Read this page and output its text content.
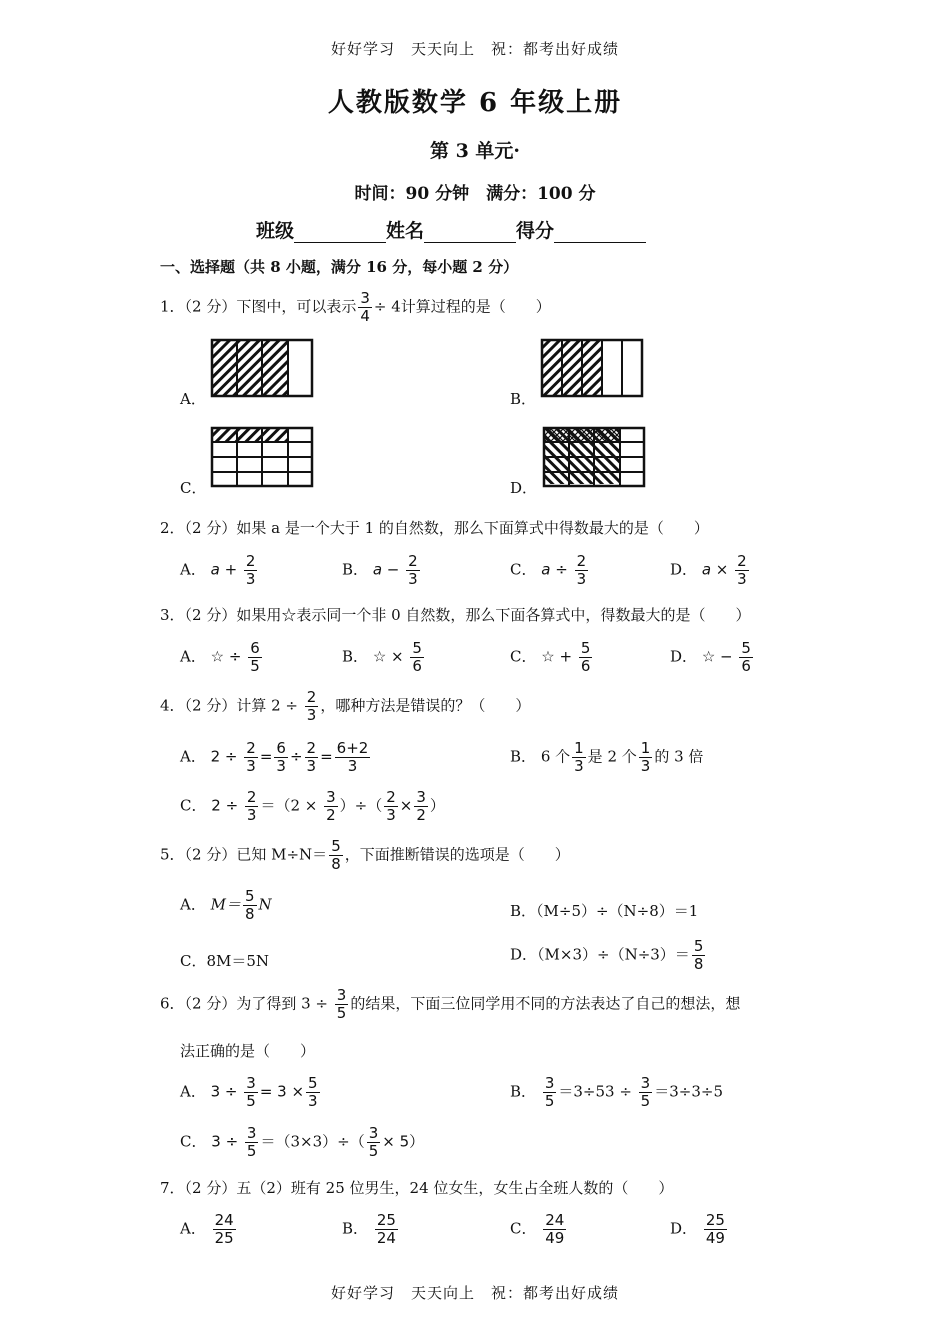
好好学习　天天向上　祝：都考出好成绩
人教版数学 6 年级上册
第 3 单元·
时间：90 分钟　满分：100 分
班级	姓名	得分
一、选择题（共 8 小题，满分 16 分，每小题 2 分）
1．（2 分）下图中，可以表示 $\frac{3}{4} \div 4$计算过程的是（　　）
A．	B．
C．	D．
2．（2 分）如果 a 是一个大于 1 的自然数，那么下面算式中得数最大的是（　　）
A． $a + \frac{2}{3}$	B． $a - \frac{2}{3}$	C． $a \div \frac{2}{3}$	D． $a \times \frac{2}{3}$
3．（2 分）如果用☆表示同一个非 0 自然数，那么下面各算式中，得数最大的是（　　）
A． ☆ ÷ $\frac{6}{5}$	B． ☆ × $\frac{5}{6}$	C． ☆ + $\frac{5}{6}$	D． ☆ − $\frac{5}{6}$
4．（2 分）计算 $2 \div \frac{2}{3}$ ，哪种方法是错误的？（　　）
A． $2 \div \frac{2}{3} = \frac{6}{3} \div \frac{2}{3} = \frac{6+2}{3}$	B． 6 个 $\frac{1}{3}$ 是 2 个 $\frac{1}{3}$ 的 3 倍
C． $2 \div \frac{2}{3} =(2 \times \frac{3}{2}$ ）÷（ $\frac{2}{3} \times \frac{3}{2}$ ）
5．（2 分）已知 $M\div N= \frac{5}{8}$ ，下面推断错误的选项是（　　）
A． $M= \frac{5}{8}$ N	B．（M÷5）÷（N÷8）＝1
C．8M＝5N	D．$(M\times 3)\div(N\div 3)= \frac{5}{8}$
6．（2 分）为了得到 $3 \div \frac{3}{5}$ 的结果，下面三位同学用不同的方法表达了自己的想法，想
法正确的是（　　）
A． $3 \div \frac{3}{5} = 3 \times \frac{5}{3}$	B． $\frac{3}{5} =3\div 53 \div \frac{3}{5} =3\div 3\div 5$
C． $3 \div \frac{3}{5} =(3\times 3)\div( \frac{3}{5} \times 5)$
7．（2 分）五（2）班有 25 位男生，24 位女生，女生占全班人数的（　　）
A． $\frac{24}{25}$	B． $\frac{25}{24}$	C． $\frac{24}{49}$	D． $\frac{25}{49}$
好好学习　天天向上　祝：都考出好成绩
